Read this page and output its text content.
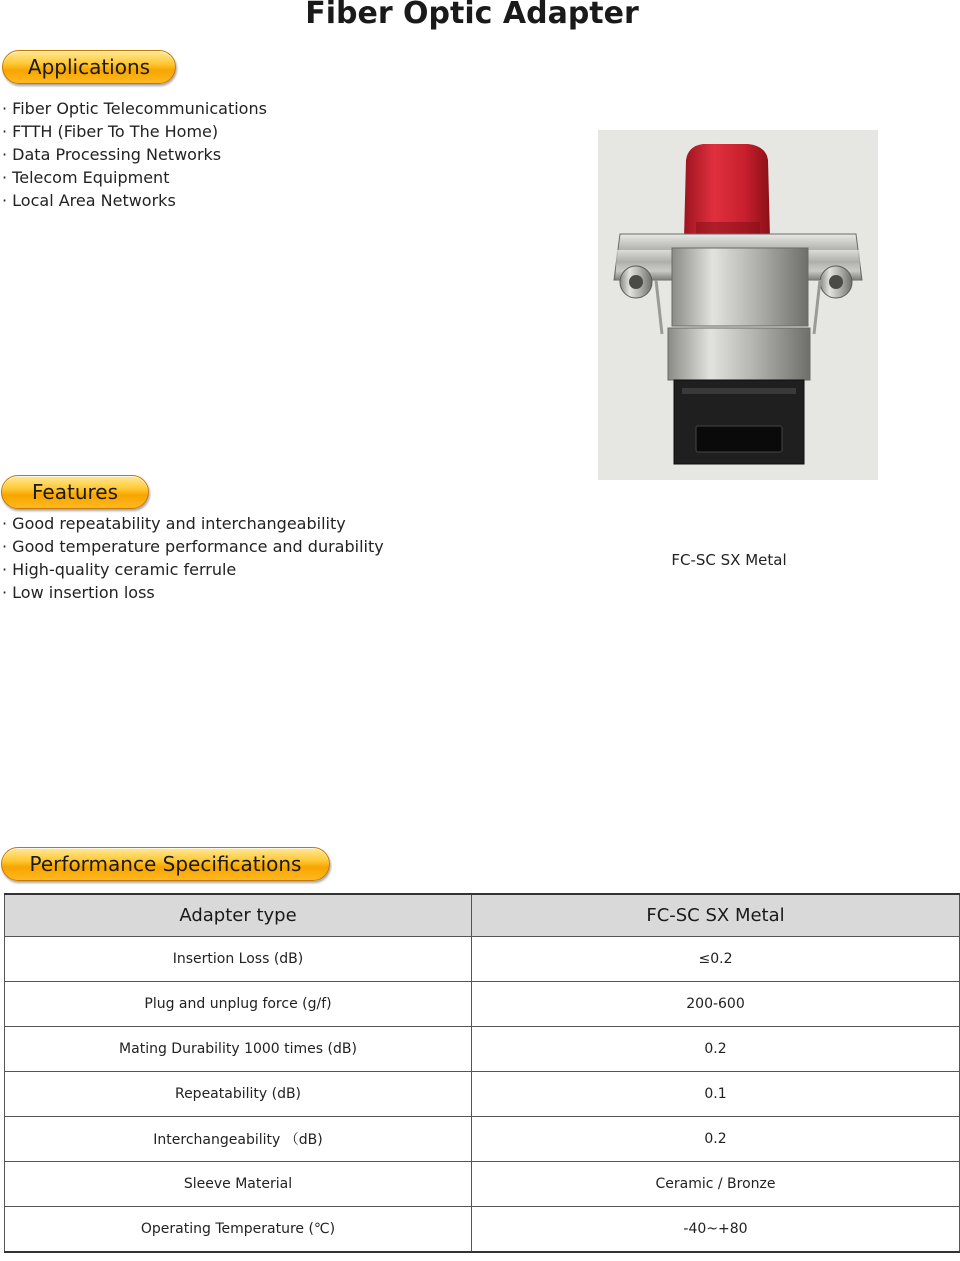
Fiber Optic Adapter
Applications
· Fiber Optic Telecommunications
· FTTH (Fiber To The Home)
· Data Processing Networks
· Telecom Equipment
· Local Area Networks
FC-SC SX Metal
Features
· Good repeatability and interchangeability
· Good temperature performance and durability
· High-quality ceramic ferrule
· Low insertion loss
Performance Specifications
Adapter type	FC-SC SX Metal
Insertion Loss (dB)	≤0.2
Plug and unplug force (g/f)	200-600
Mating Durability 1000 times (dB)	0.2
Repeatability (dB)	0.1
Interchangeability （dB)	0.2
Sleeve Material	Ceramic / Bronze
Operating Temperature (℃)	-40~+80
